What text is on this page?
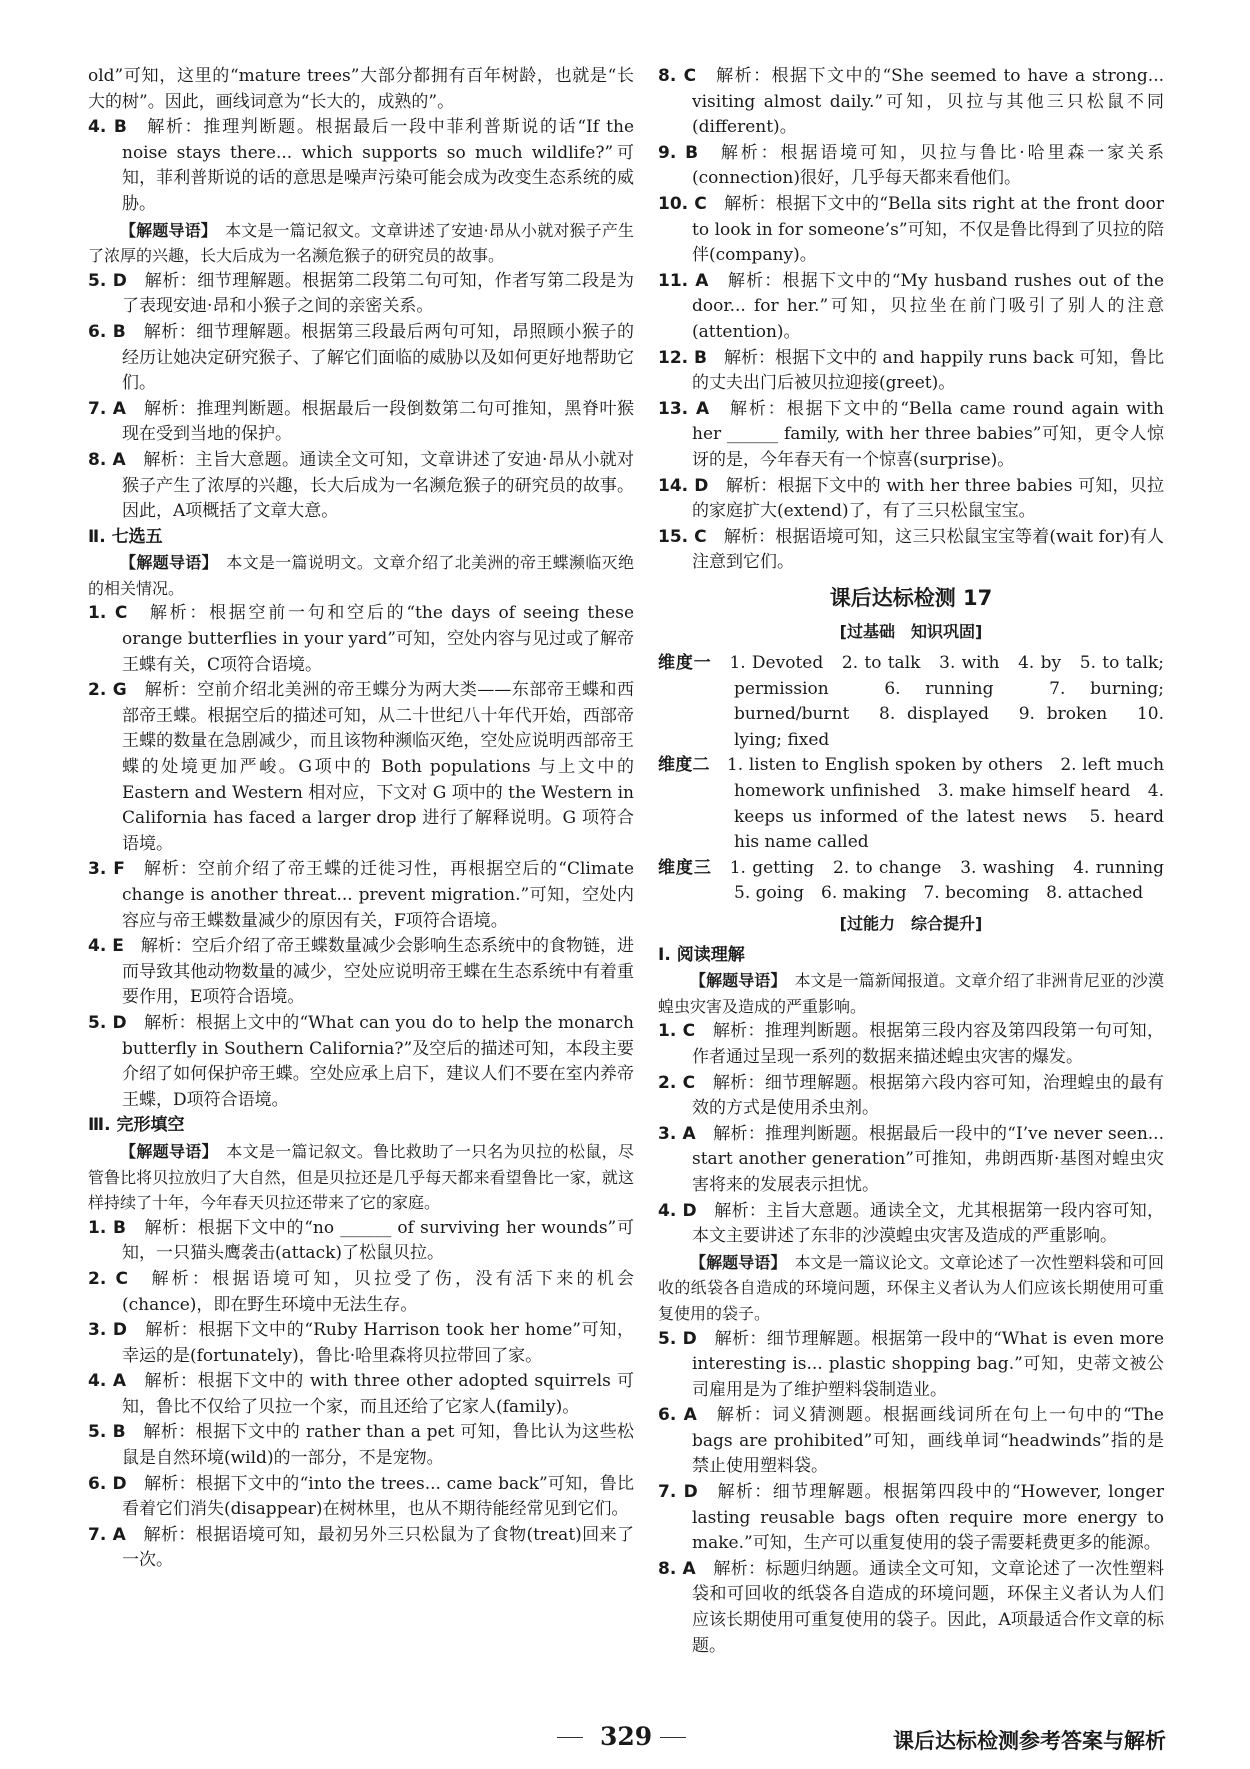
old”可知，这里的“mature trees”大部分都拥有百年树龄，也就是“长大的树”。因此，画线词意为“长大的，成熟的”。

4. B　 解析：推理判断题。根据最后一段中菲利普斯说的话“If the noise stays there... which supports so much wildlife?”可知，菲利普斯说的话的意思是噪声污染可能会成为改变生态系统的威胁。

【解题导语】　 本文是一篇记叙文。文章讲述了安迪·昂从小就对猴子产生了浓厚的兴趣，长大后成为一名濒危猴子的研究员的故事。

5. D　 解析：细节理解题。根据第二段第二句可知，作者写第二段是为了表现安迪·昂和小猴子之间的亲密关系。

6. B　 解析：细节理解题。根据第三段最后两句可知，昂照顾小猴子的经历让她决定研究猴子、了解它们面临的威胁以及如何更好地帮助它们。

7. A　 解析：推理判断题。根据最后一段倒数第二句可推知，黑脊叶猴现在受到当地的保护。

8. A　 解析：主旨大意题。通读全文可知，文章讲述了安迪·昂从小就对猴子产生了浓厚的兴趣，长大后成为一名濒危猴子的研究员的故事。因此，A项概括了文章大意。

Ⅱ. 七选五

【解题导语】　 本文是一篇说明文。文章介绍了北美洲的帝王蝶濒临灭绝的相关情况。

1. C　 解析：根据空前一句和空后的“the days of seeing these orange butterflies in your yard”可知，空处内容与见过或了解帝王蝶有关，C项符合语境。

2. G　 解析：空前介绍北美洲的帝王蝶分为两大类——东部帝王蝶和西部帝王蝶。根据空后的描述可知，从二十世纪八十年代开始，西部帝王蝶的数量在急剧减少，而且该物种濒临灭绝，空处应说明西部帝王蝶的处境更加严峻。G项中的 Both populations 与上文中的 Eastern and Western 相对应，下文对 G 项中的 the Western in California has faced a larger drop 进行了解释说明。G 项符合语境。

3. F　 解析：空前介绍了帝王蝶的迁徙习性，再根据空后的“Climate change is another threat... prevent migration.”可知，空处内容应与帝王蝶数量减少的原因有关，F项符合语境。

4. E　 解析：空后介绍了帝王蝶数量减少会影响生态系统中的食物链，进而导致其他动物数量的减少，空处应说明帝王蝶在生态系统中有着重要作用，E项符合语境。

5. D　 解析：根据上文中的“What can you do to help the monarch butterfly in Southern California?”及空后的描述可知，本段主要介绍了如何保护帝王蝶。空处应承上启下，建议人们不要在室内养帝王蝶，D项符合语境。

Ⅲ. 完形填空

【解题导语】　 本文是一篇记叙文。鲁比救助了一只名为贝拉的松鼠，尽管鲁比将贝拉放归了大自然，但是贝拉还是几乎每天都来看望鲁比一家，就这样持续了十年，今年春天贝拉还带来了它的家庭。

1. B　 解析：根据下文中的“no ______ of surviving her wounds”可知，一只猫头鹰袭击(attack)了松鼠贝拉。

2. C　 解析：根据语境可知，贝拉受了伤，没有活下来的机会(chance)，即在野生环境中无法生存。

3. D　 解析：根据下文中的“Ruby Harrison took her home”可知，幸运的是(fortunately)，鲁比·哈里森将贝拉带回了家。

4. A　 解析：根据下文中的 with three other adopted squirrels 可知，鲁比不仅给了贝拉一个家，而且还给了它家人(family)。

5. B　 解析：根据下文中的 rather than a pet 可知，鲁比认为这些松鼠是自然环境(wild)的一部分，不是宠物。

6. D　 解析：根据下文中的“into the trees... came back”可知，鲁比看着它们消失(disappear)在树林里，也从不期待能经常见到它们。

7. A　 解析：根据语境可知，最初另外三只松鼠为了食物(treat)回来了一次。

8. C　 解析：根据下文中的“She seemed to have a strong... visiting almost daily.”可知，贝拉与其他三只松鼠不同(different)。

9. B　 解析：根据语境可知，贝拉与鲁比·哈里森一家关系(connection)很好，几乎每天都来看他们。

10. C　 解析：根据下文中的“Bella sits right at the front door to look in for someone’s”可知，不仅是鲁比得到了贝拉的陪伴(company)。

11. A　 解析：根据下文中的“My husband rushes out of the door... for her.”可知，贝拉坐在前门吸引了别人的注意(attention)。

12. B　 解析：根据下文中的 and happily runs back 可知，鲁比的丈夫出门后被贝拉迎接(greet)。

13. A　 解析：根据下文中的“Bella came round again with her ______ family, with her three babies”可知，更令人惊讶的是，今年春天有一个惊喜(surprise)。

14. D　 解析：根据下文中的 with her three babies 可知，贝拉的家庭扩大(extend)了，有了三只松鼠宝宝。

15. C　 解析：根据语境可知，这三只松鼠宝宝等着(wait for)有人注意到它们。

课后达标检测 17
[过基础　知识巩固]

维度一　 1. Devoted　2. to talk　3. with　4. by　5. to talk; permission　6. running　7. burning; burned/burnt　8. displayed　9. broken　10. lying; fixed

维度二　 1. listen to English spoken by others　2. left much homework unfinished　3. make himself heard　4. keeps us informed of the latest news　5. heard his name called

维度三　 1. getting　2. to change　3. washing　4. running　5. going　6. making　7. becoming　8. attached

[过能力　综合提升]

Ⅰ. 阅读理解

【解题导语】　 本文是一篇新闻报道。文章介绍了非洲肯尼亚的沙漠蝗虫灾害及造成的严重影响。

1. C　 解析：推理判断题。根据第三段内容及第四段第一句可知，作者通过呈现一系列的数据来描述蝗虫灾害的爆发。

2. C　 解析：细节理解题。根据第六段内容可知，治理蝗虫的最有效的方式是使用杀虫剂。

3. A　 解析：推理判断题。根据最后一段中的“I’ve never seen... start another generation”可推知，弗朗西斯·基图对蝗虫灾害将来的发展表示担忧。

4. D　 解析：主旨大意题。通读全文，尤其根据第一段内容可知，本文主要讲述了东非的沙漠蝗虫灾害及造成的严重影响。

【解题导语】　 本文是一篇议论文。文章论述了一次性塑料袋和可回收的纸袋各自造成的环境问题，环保主义者认为人们应该长期使用可重复使用的袋子。

5. D　 解析：细节理解题。根据第一段中的“What is even more interesting is... plastic shopping bag.”可知，史蒂文被公司雇用是为了维护塑料袋制造业。

6. A　 解析：词义猜测题。根据画线词所在句上一句中的“The bags are prohibited”可知，画线单词“headwinds”指的是禁止使用塑料袋。

7. D　 解析：细节理解题。根据第四段中的“However, longer lasting reusable bags often require more energy to make.”可知，生产可以重复使用的袋子需要耗费更多的能源。

8. A　 解析：标题归纳题。通读全文可知，文章论述了一次性塑料袋和可回收的纸袋各自造成的环境问题，环保主义者认为人们应该长期使用可重复使用的袋子。因此，A项最适合作文章的标题。

329	课后达标检测参考答案与解析
